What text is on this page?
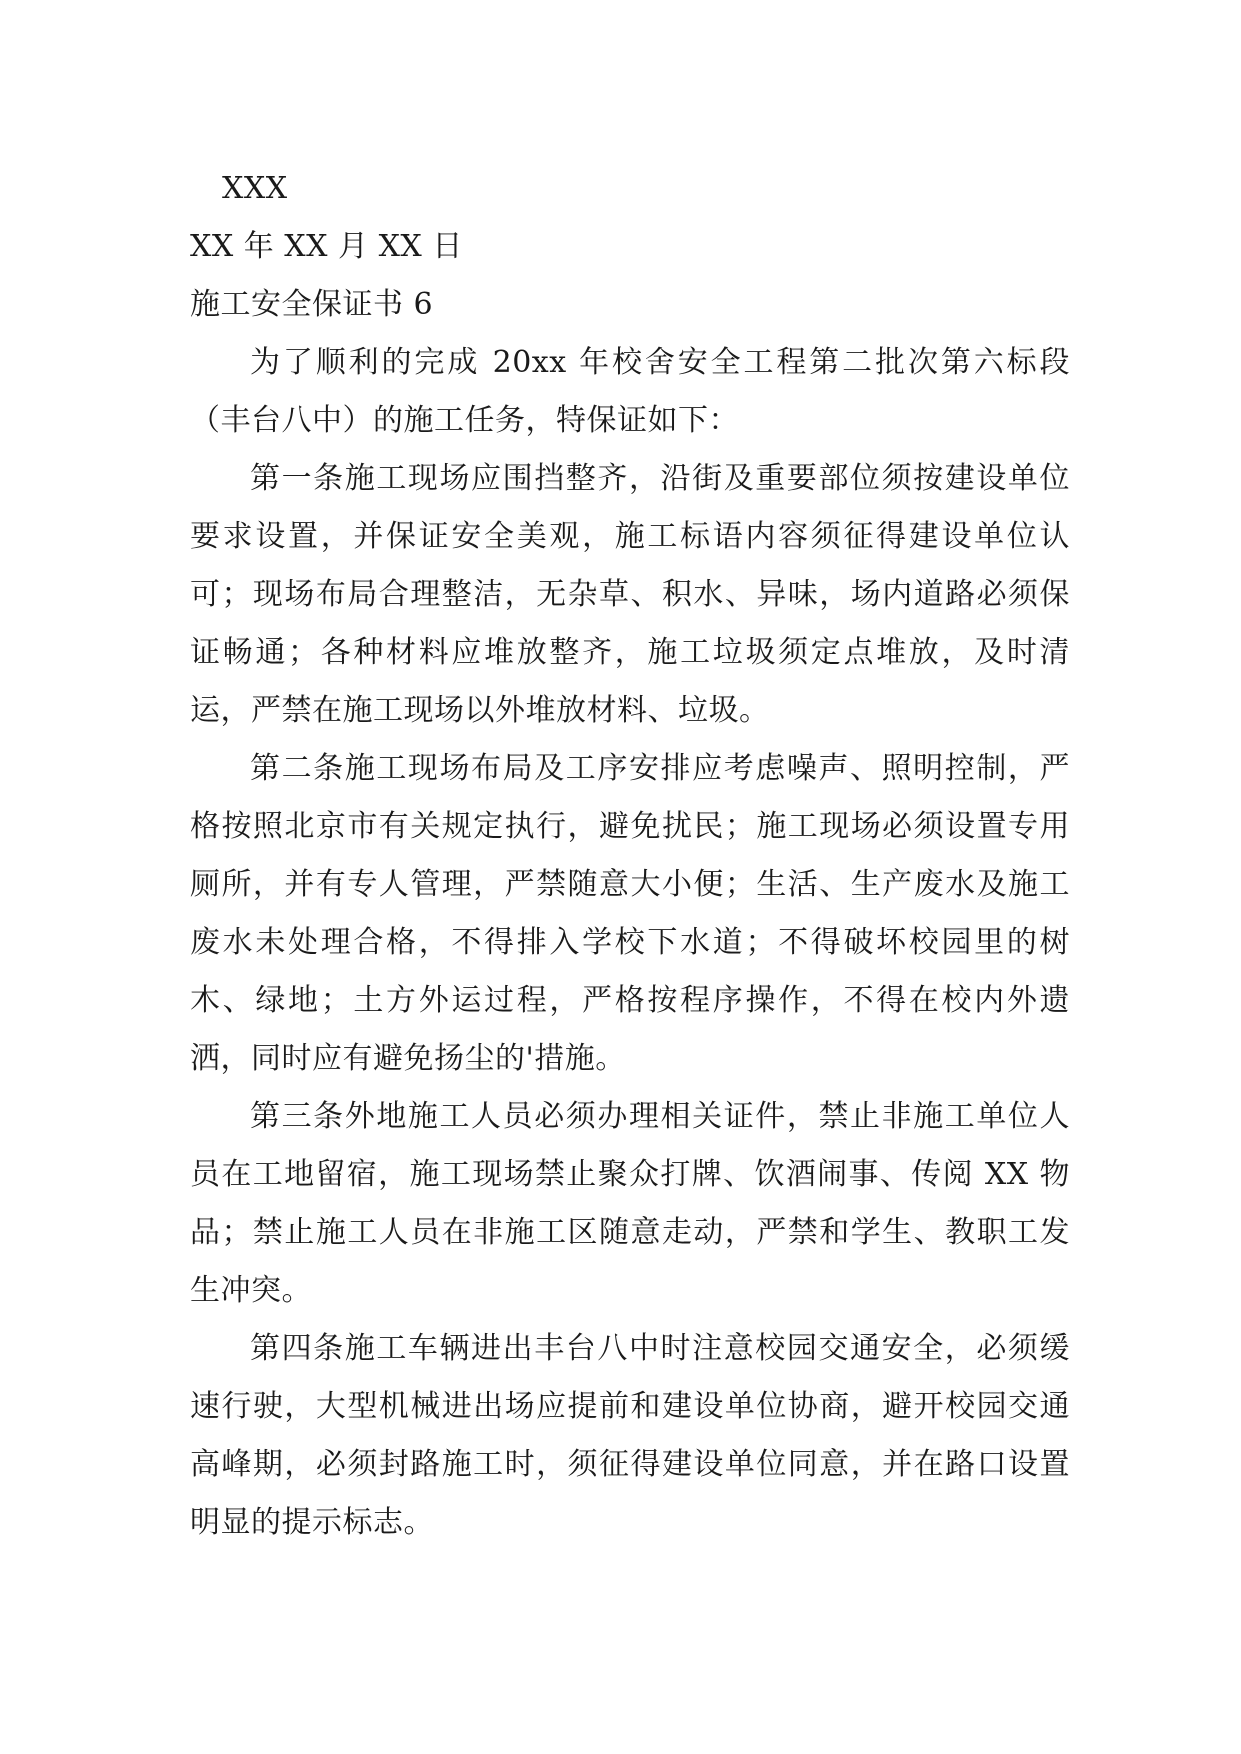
XXX

XX 年 XX 月 XX 日

施工安全保证书 6

为了顺利的完成 20xx 年校舍安全工程第二批次第六标段（丰台八中）的施工任务，特保证如下：

第一条施工现场应围挡整齐，沿街及重要部位须按建设单位要求设置，并保证安全美观，施工标语内容须征得建设单位认可；现场布局合理整洁，无杂草、积水、异味，场内道路必须保证畅通；各种材料应堆放整齐，施工垃圾须定点堆放，及时清运，严禁在施工现场以外堆放材料、垃圾。

第二条施工现场布局及工序安排应考虑噪声、照明控制，严格按照北京市有关规定执行，避免扰民；施工现场必须设置专用厕所，并有专人管理，严禁随意大小便；生活、生产废水及施工废水未处理合格，不得排入学校下水道；不得破坏校园里的树木、绿地；土方外运过程，严格按程序操作，不得在校内外遗洒，同时应有避免扬尘的'措施。

第三条外地施工人员必须办理相关证件，禁止非施工单位人员在工地留宿，施工现场禁止聚众打牌、饮酒闹事、传阅 XX 物品；禁止施工人员在非施工区随意走动，严禁和学生、教职工发生冲突。

第四条施工车辆进出丰台八中时注意校园交通安全，必须缓速行驶，大型机械进出场应提前和建设单位协商，避开校园交通高峰期，必须封路施工时，须征得建设单位同意，并在路口设置明显的提示标志。
